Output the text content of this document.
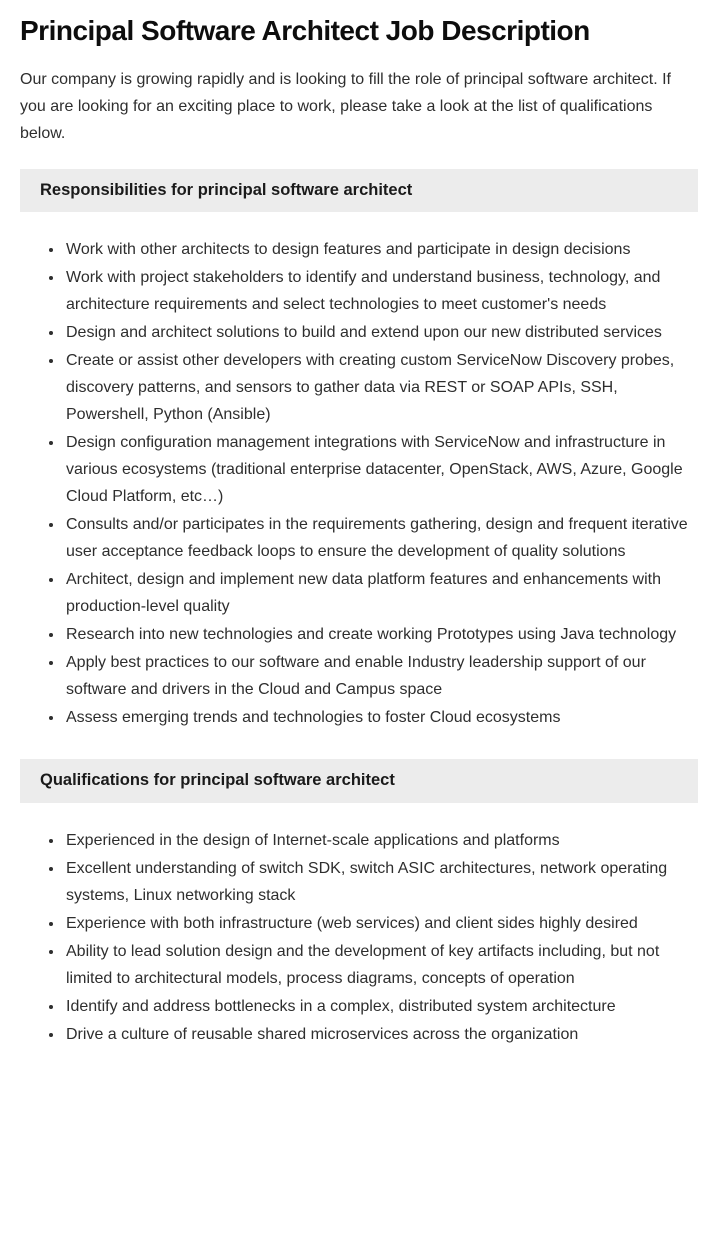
Principal Software Architect Job Description

Our company is growing rapidly and is looking to fill the role of principal software architect. If you are looking for an exciting place to work, please take a look at the list of qualifications below.

Responsibilities for principal software architect
• Work with other architects to design features and participate in design decisions
• Work with project stakeholders to identify and understand business, technology, and architecture requirements and select technologies to meet customer's needs
• Design and architect solutions to build and extend upon our new distributed services
• Create or assist other developers with creating custom ServiceNow Discovery probes, discovery patterns, and sensors to gather data via REST or SOAP APIs, SSH, Powershell, Python (Ansible)
• Design configuration management integrations with ServiceNow and infrastructure in various ecosystems (traditional enterprise datacenter, OpenStack, AWS, Azure, Google Cloud Platform, etc…)
• Consults and/or participates in the requirements gathering, design and frequent iterative user acceptance feedback loops to ensure the development of quality solutions
• Architect, design and implement new data platform features and enhancements with production-level quality
• Research into new technologies and create working Prototypes using Java technology
• Apply best practices to our software and enable Industry leadership support of our software and drivers in the Cloud and Campus space
• Assess emerging trends and technologies to foster Cloud ecosystems
Qualifications for principal software architect
• Experienced in the design of Internet-scale applications and platforms
• Excellent understanding of switch SDK, switch ASIC architectures, network operating systems, Linux networking stack
• Experience with both infrastructure (web services) and client sides highly desired
• Ability to lead solution design and the development of key artifacts including, but not limited to architectural models, process diagrams, concepts of operation
• Identify and address bottlenecks in a complex, distributed system architecture
• Drive a culture of reusable shared microservices across the organization
